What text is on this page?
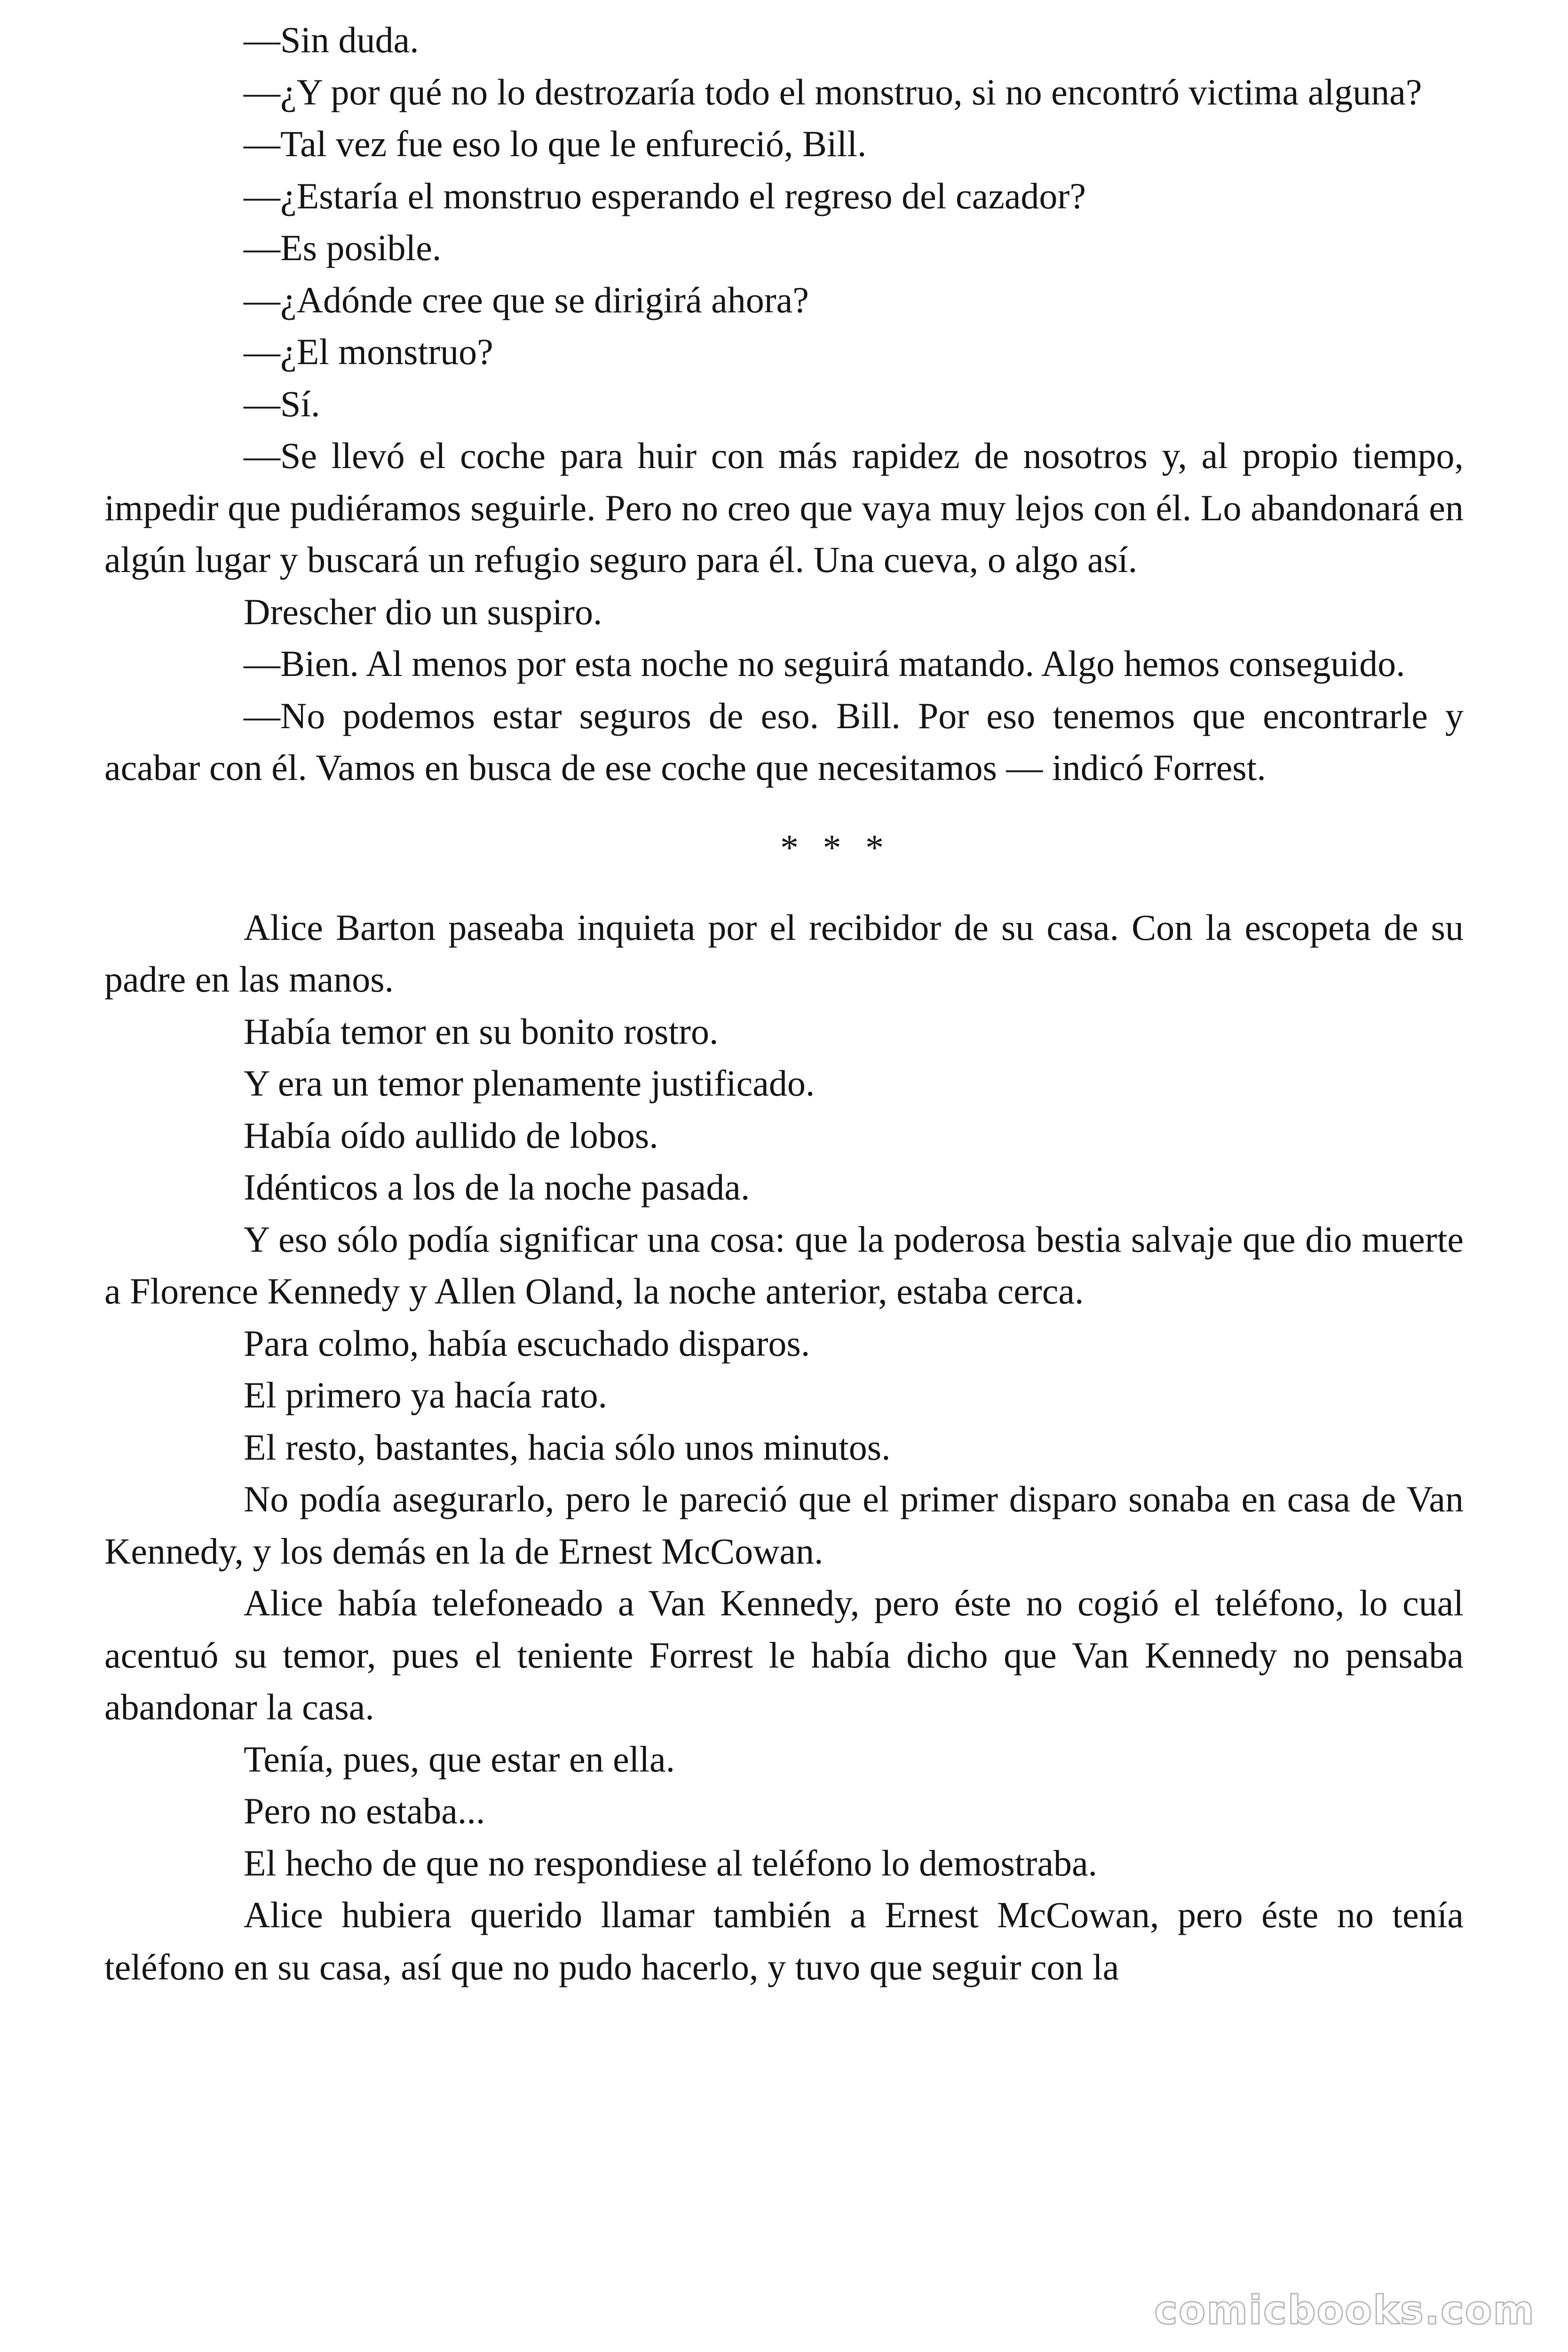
—Sin duda.

—¿Y por qué no lo destrozaría todo el monstruo, si no encontró victima alguna?

—Tal vez fue eso lo que le enfureció, Bill.

—¿Estaría el monstruo esperando el regreso del cazador?

—Es posible.

—¿Adónde cree que se dirigirá ahora?

—¿El monstruo?

—Sí.

—Se llevó el coche para huir con más rapidez de nosotros y, al propio tiempo, impedir que pudiéramos seguirle. Pero no creo que vaya muy lejos con él. Lo abandonará en algún lugar y buscará un refugio seguro para él. Una cueva, o algo así.

Drescher dio un suspiro.

—Bien. Al menos por esta noche no seguirá matando. Algo hemos conseguido.

—No podemos estar seguros de eso. Bill. Por eso tenemos que encontrarle y acabar con él. Vamos en busca de ese coche que necesitamos — indicó Forrest.

* * *

Alice Barton paseaba inquieta por el recibidor de su casa. Con la escopeta de su padre en las manos.

Había temor en su bonito rostro.

Y era un temor plenamente justificado.

Había oído aullido de lobos.

Idénticos a los de la noche pasada.

Y eso sólo podía significar una cosa: que la poderosa bestia salvaje que dio muerte a Florence Kennedy y Allen Oland, la noche anterior, estaba cerca.

Para colmo, había escuchado disparos.

El primero ya hacía rato.

El resto, bastantes, hacia sólo unos minutos.

No podía asegurarlo, pero le pareció que el primer disparo sonaba en casa de Van Kennedy, y los demás en la de Ernest McCowan.

Alice había telefoneado a Van Kennedy, pero éste no cogió el teléfono, lo cual acentuó su temor, pues el teniente Forrest le había dicho que Van Kennedy no pensaba abandonar la casa.

Tenía, pues, que estar en ella.

Pero no estaba...

El hecho de que no respondiese al teléfono lo demostraba.

Alice hubiera querido llamar también a Ernest McCowan, pero éste no tenía teléfono en su casa, así que no pudo hacerlo, y tuvo que seguir con la

comicbooks.com
